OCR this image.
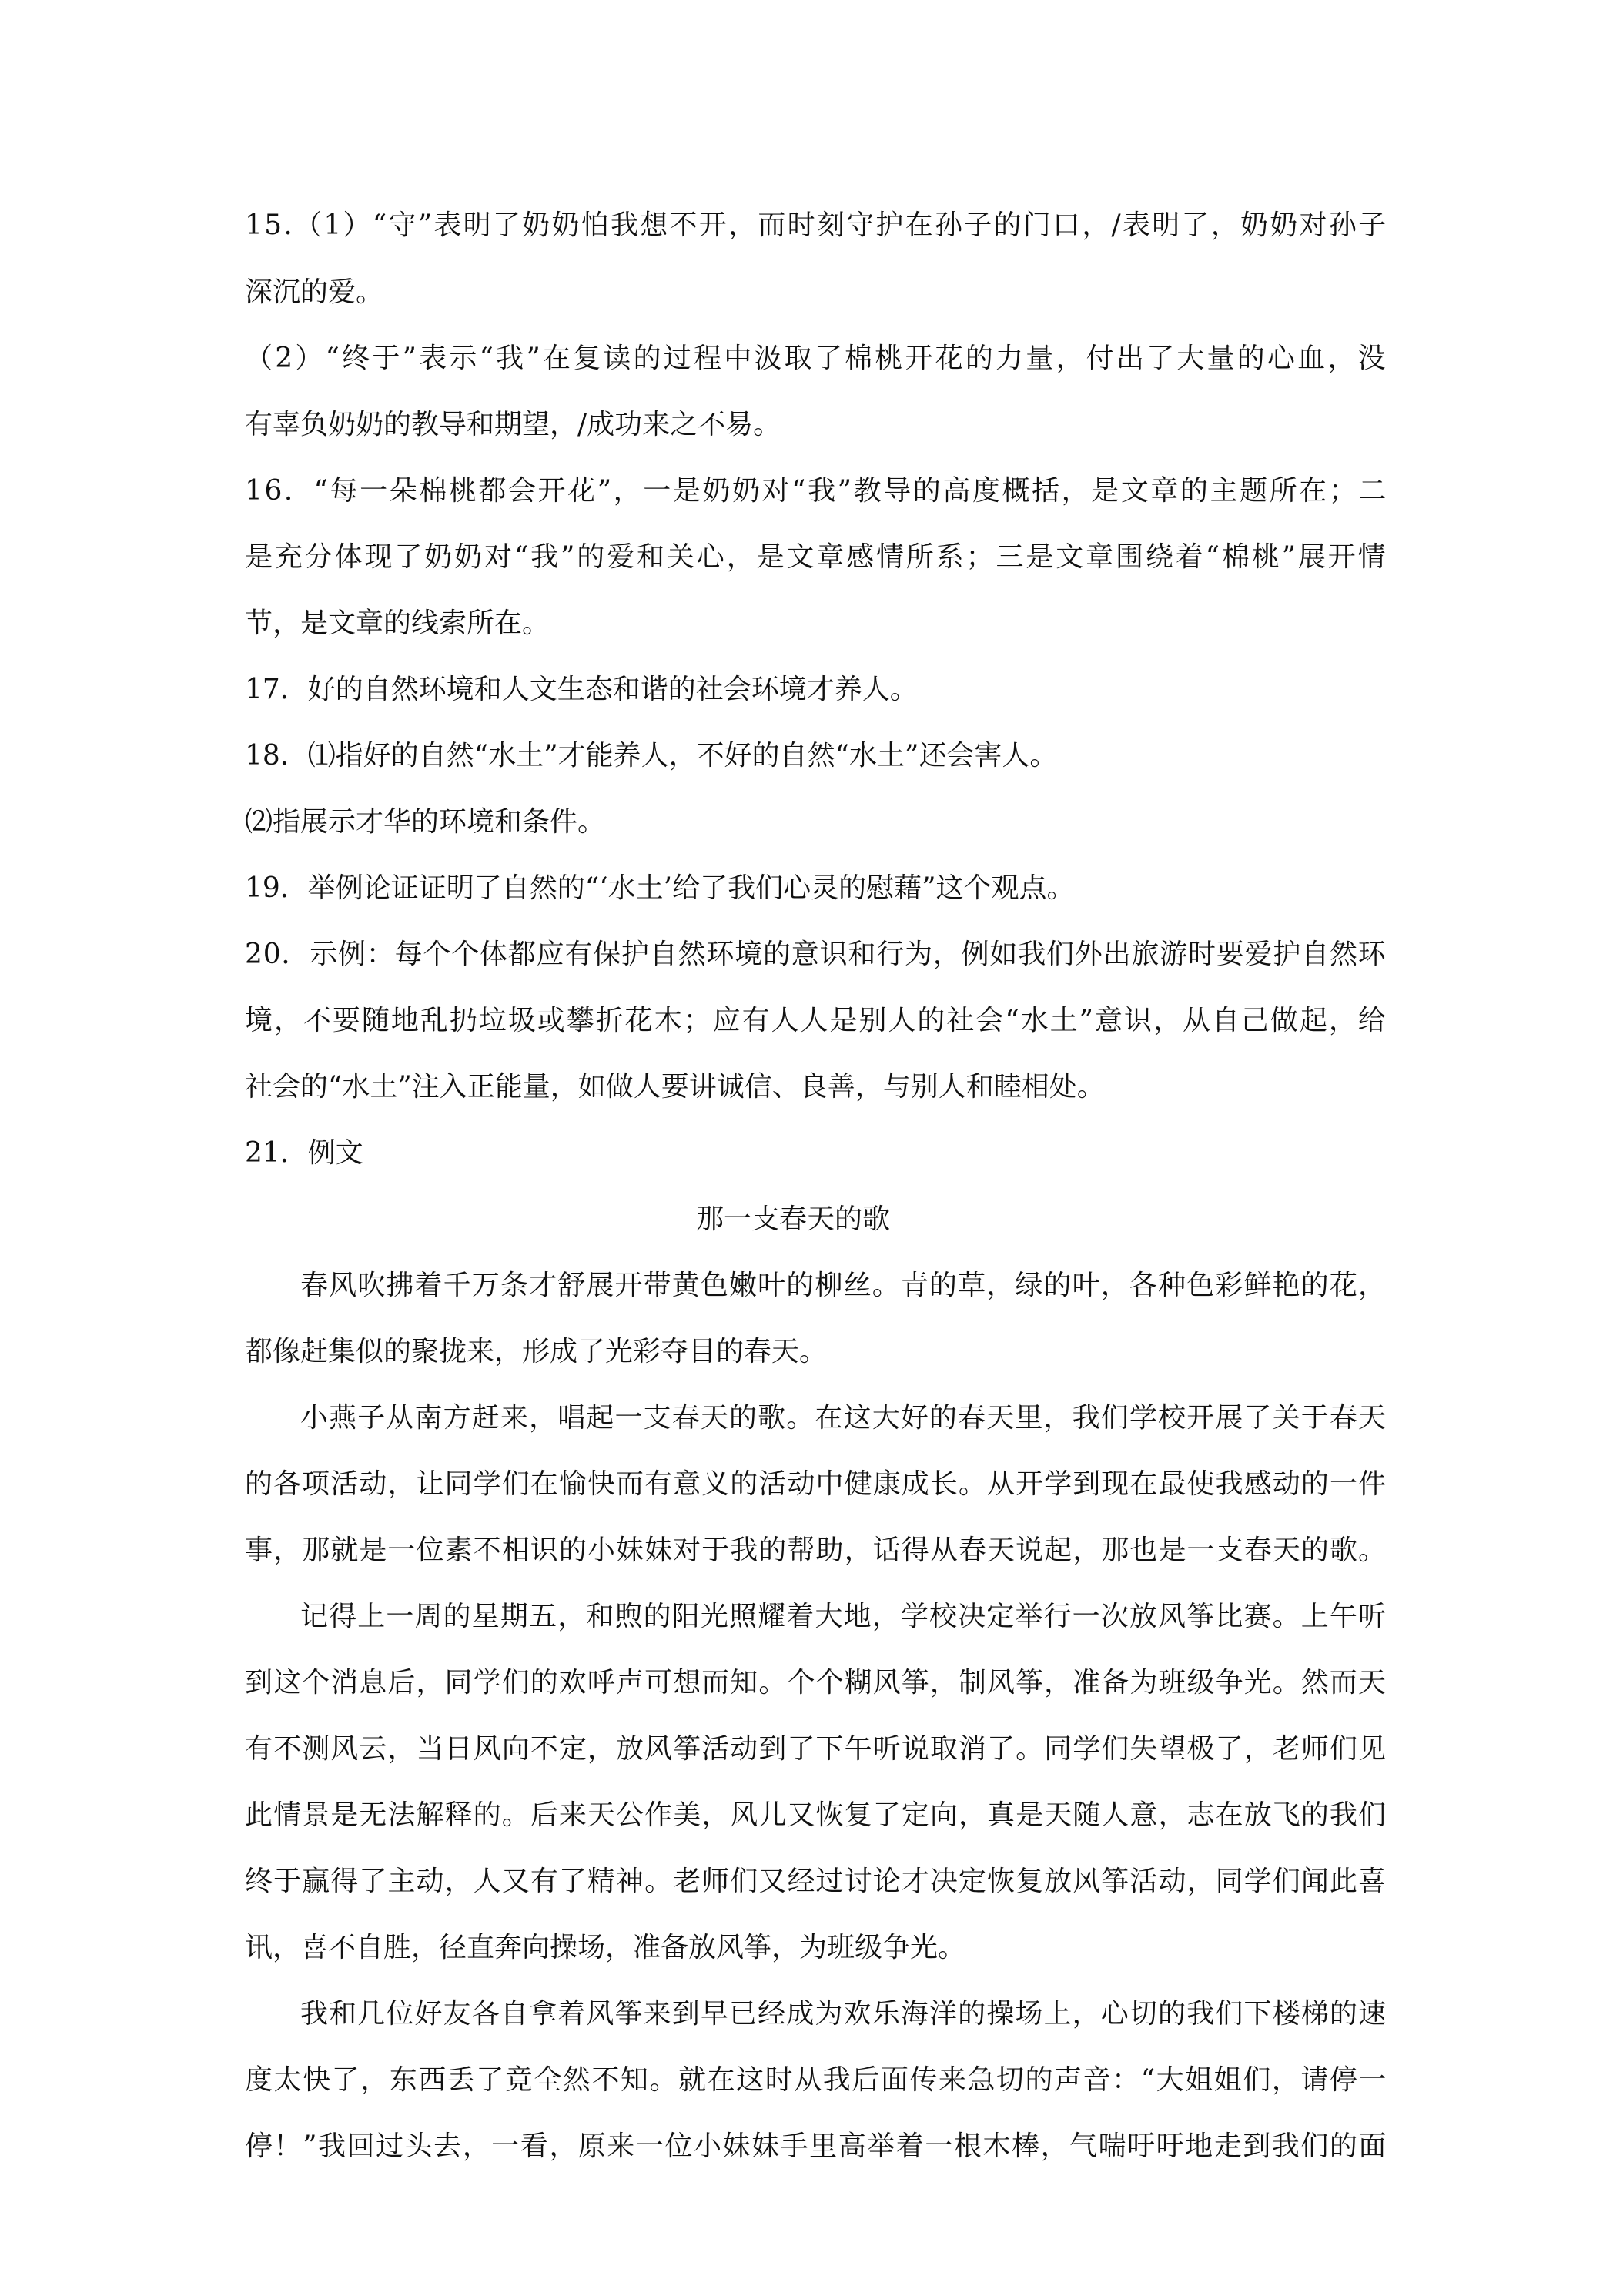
15.（1）“守”表明了奶奶怕我想不开，而时刻守护在孙子的门口，/表明了，奶奶对孙子
深沉的爱。
（2）“终于”表示“我”在复读的过程中汲取了棉桃开花的力量，付出了大量的心血，没
有辜负奶奶的教导和期望，/成功来之不易。
16．“每一朵棉桃都会开花”，一是奶奶对“我”教导的高度概括，是文章的主题所在；二
是充分体现了奶奶对“我”的爱和关心，是文章感情所系；三是文章围绕着“棉桃”展开情
节，是文章的线索所在。
17．好的自然环境和人文生态和谐的社会环境才养人。
18．⑴指好的自然“水土”才能养人，不好的自然“水土”还会害人。
⑵指展示才华的环境和条件。
19．举例论证证明了自然的“‘水土’给了我们心灵的慰藉”这个观点。
20．示例：每个个体都应有保护自然环境的意识和行为，例如我们外出旅游时要爱护自然环
境，不要随地乱扔垃圾或攀折花木；应有人人是别人的社会“水土”意识，从自己做起，给
社会的“水土”注入正能量，如做人要讲诚信、良善，与别人和睦相处。
21．例文
那一支春天的歌
春风吹拂着千万条才舒展开带黄色嫩叶的柳丝。青的草，绿的叶，各种色彩鲜艳的花，
都像赶集似的聚拢来，形成了光彩夺目的春天。
小燕子从南方赶来，唱起一支春天的歌。在这大好的春天里，我们学校开展了关于春天
的各项活动，让同学们在愉快而有意义的活动中健康成长。从开学到现在最使我感动的一件
事，那就是一位素不相识的小妹妹对于我的帮助，话得从春天说起，那也是一支春天的歌。
记得上一周的星期五，和煦的阳光照耀着大地，学校决定举行一次放风筝比赛。上午听
到这个消息后，同学们的欢呼声可想而知。个个糊风筝，制风筝，准备为班级争光。然而天
有不测风云，当日风向不定，放风筝活动到了下午听说取消了。同学们失望极了，老师们见
此情景是无法解释的。后来天公作美，风儿又恢复了定向，真是天随人意，志在放飞的我们
终于赢得了主动，人又有了精神。老师们又经过讨论才决定恢复放风筝活动，同学们闻此喜
讯，喜不自胜，径直奔向操场，准备放风筝，为班级争光。
我和几位好友各自拿着风筝来到早已经成为欢乐海洋的操场上，心切的我们下楼梯的速
度太快了，东西丢了竟全然不知。就在这时从我后面传来急切的声音：“大姐姐们，请停一
停！”我回过头去，一看，原来一位小妹妹手里高举着一根木棒，气喘吁吁地走到我们的面
